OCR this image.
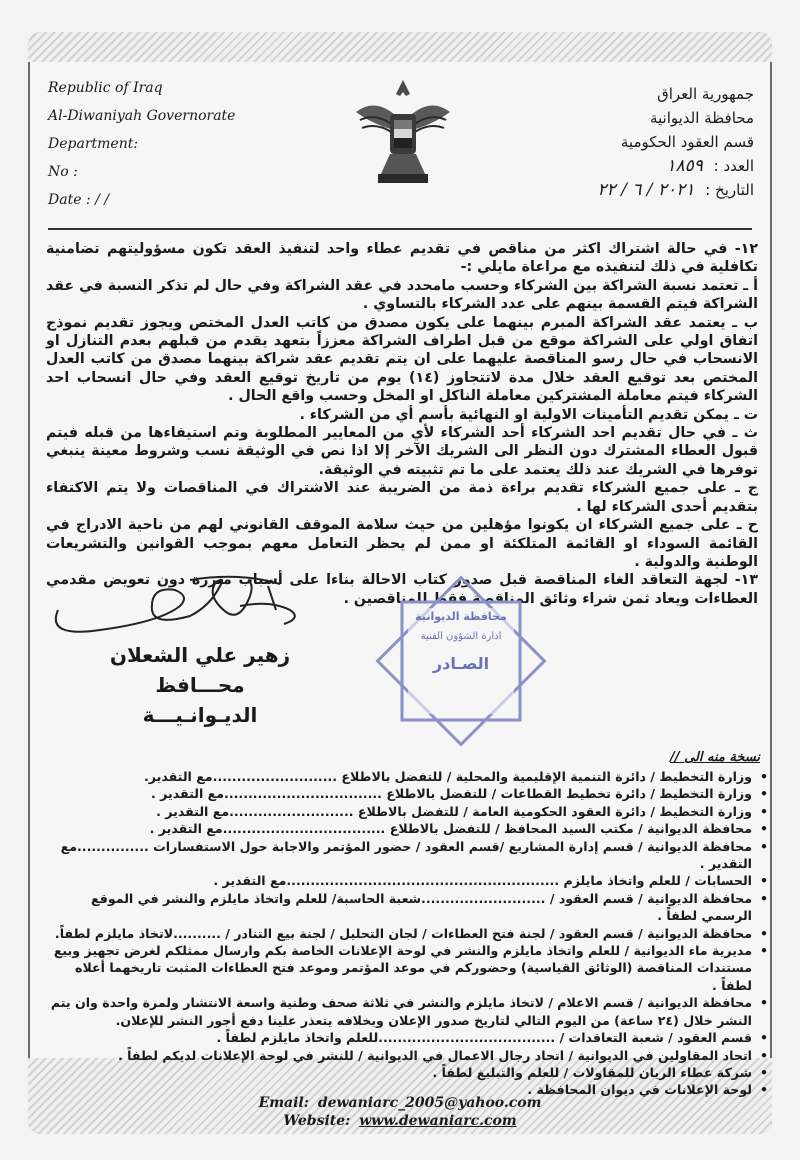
Republic of Iraq
Al-Diwaniyah Governorate
Department:
No :
Date : / /
جمهورية العراق
محافظة الديوانية
قسم العقود الحكومية
العدد : ١٨٥٩
التاريخ : ٢٠٢١ / ٦ / ٢٢

١٢- في حالة اشتراك اكثر من مناقص في تقديم عطاء واحد لتنفيذ العقد تكون مسؤوليتهم تضامنية تكافلية في ذلك لتنفيذه مع مراعاة مايلي :-

أ ـ تعتمد نسبة الشراكة بين الشركاء وحسب مامحدد في عقد الشراكة وفي حال لم تذكر النسبة في عقد الشراكة فيتم القسمة بينهم على عدد الشركاء بالتساوي .

ب ـ يعتمد عقد الشراكة المبرم بينهما على يكون مصدق من كاتب العدل المختص ويجوز تقديم نموذج اتفاق اولي على الشراكة موقع من قبل اطراف الشراكة معززاً بتعهد يقدم من قبلهم بعدم التنازل او الانسحاب في حال رسو المناقصة عليهما على ان يتم تقديم عقد شراكة بينهما مصدق من كاتب العدل المختص بعد توقيع العقد خلال مدة لاتتجاوز (١٤) يوم من تاريخ توقيع العقد وفي حال انسحاب احد الشركاء فيتم معاملة المشتركين معاملة الناكل او المخل وحسب واقع الحال .

ت ـ يمكن تقديم التأمينات الاولية او النهائية بأسم أي من الشركاء .

ث ـ في حال تقديم احد الشركاء أحد الشركاء لأي من المعايير المطلوبة وتم استيفاءها من قبله فيتم قبول العطاء المشترك دون النظر الى الشريك الآخر إلا اذا نص في الوثيقة نسب وشروط معينة ينبغي توفرها في الشريك عند ذلك يعتمد على ما تم تثبيته في الوثيقة.

ج ـ على جميع الشركاء تقديم براءة ذمة من الضريبة عند الاشتراك في المناقصات ولا يتم الاكتفاء بتقديم أحدى الشركاء لها .

ح ـ على جميع الشركاء ان يكونوا مؤهلين من حيث سلامة الموقف القانوني لهم من ناحية الادراج في القائمة السوداء او القائمة المتلكئة او ممن لم يحظر التعامل معهم بموجب القوانين والتشريعات الوطنية والدولية .

١٣- لجهة التعاقد الغاء المناقصة قبل صدور كتاب الاحالة بناءا على أسباب مبررة دون تعويض مقدمي العطاءات ويعاد ثمن شراء وثائق المناقصة فقط للمناقصين .

زهير علي الشعلان
محـــافظ الديـوانـيـــة
محافظة الديوانية
ادارة الشؤون الفنية
الصـادر
نسخة منه الى //
• وزارة التخطيط / دائرة التنمية الإقليمية والمحلية / للتفضل بالاطلاع ..........................مع التقدير.
• وزارة التخطيط / دائرة تخطيط القطاعات / للتفضل بالاطلاع .................................مع التقدير .
• وزارة التخطيط / دائرة العقود الحكومية العامة / للتفضل بالاطلاع ..........................مع التقدير .
• محافظة الديوانية / مكتب السيد المحافظ / للتفضل بالاطلاع ..................................مع التقدير .
• محافظة الديوانية / قسم إدارة المشاريع /قسم العقود / حضور المؤتمر والاجابة حول الاستفسارات ...............مع التقدير .
• الحسابات / للعلم واتخاذ مايلزم .........................................................مع التقدير .
• محافظة الديوانية / قسم العقود / ..........................شعبة الحاسبة/ للعلم واتخاذ مايلزم والنشر في الموقع الرسمي لطفاً .
• محافظة الديوانية / قسم العقود / لجنة فتح العطاءات / لجان التحليل / لجنة بيع التنادر / ..........لاتخاذ مايلزم لطفاً.
• مديرية ماء الديوانية / للعلم واتخاذ مايلزم والنشر في لوحة الإعلانات الخاصة بكم وارسال ممثلكم لغرض تجهيز وبيع مستندات المناقصة (الوثائق القياسية) وحضوركم في موعد المؤتمر وموعد فتح العطاءات المثبت تاريخهما أعلاه لطفاً .
• محافظة الديوانية / قسم الاعلام / لاتخاذ مايلزم والنشر في ثلاثة صحف وطنية واسعة الانتشار ولمرة واحدة وان يتم النشر خلال (٢٤ ساعة) من اليوم التالي لتاريخ صدور الإعلان وبخلافه يتعذر علينا دفع أجور النشر للإعلان.
• قسم العقود / شعبة التعاقدات / .....................................للعلم واتخاذ مايلزم لطفاً .
• اتحاد المقاولين في الديوانية / اتحاد رجال الاعمال في الديوانية / للنشر في لوحة الإعلانات لديكم لطفاً .
• شركة عطاء الريان للمقاولات / للعلم والتبليغ لطفاً .
• لوحة الإعلانات في ديوان المحافظة .
Email: dewaniarc_2005@yahoo.com
Website: www.dewaniarc.com
